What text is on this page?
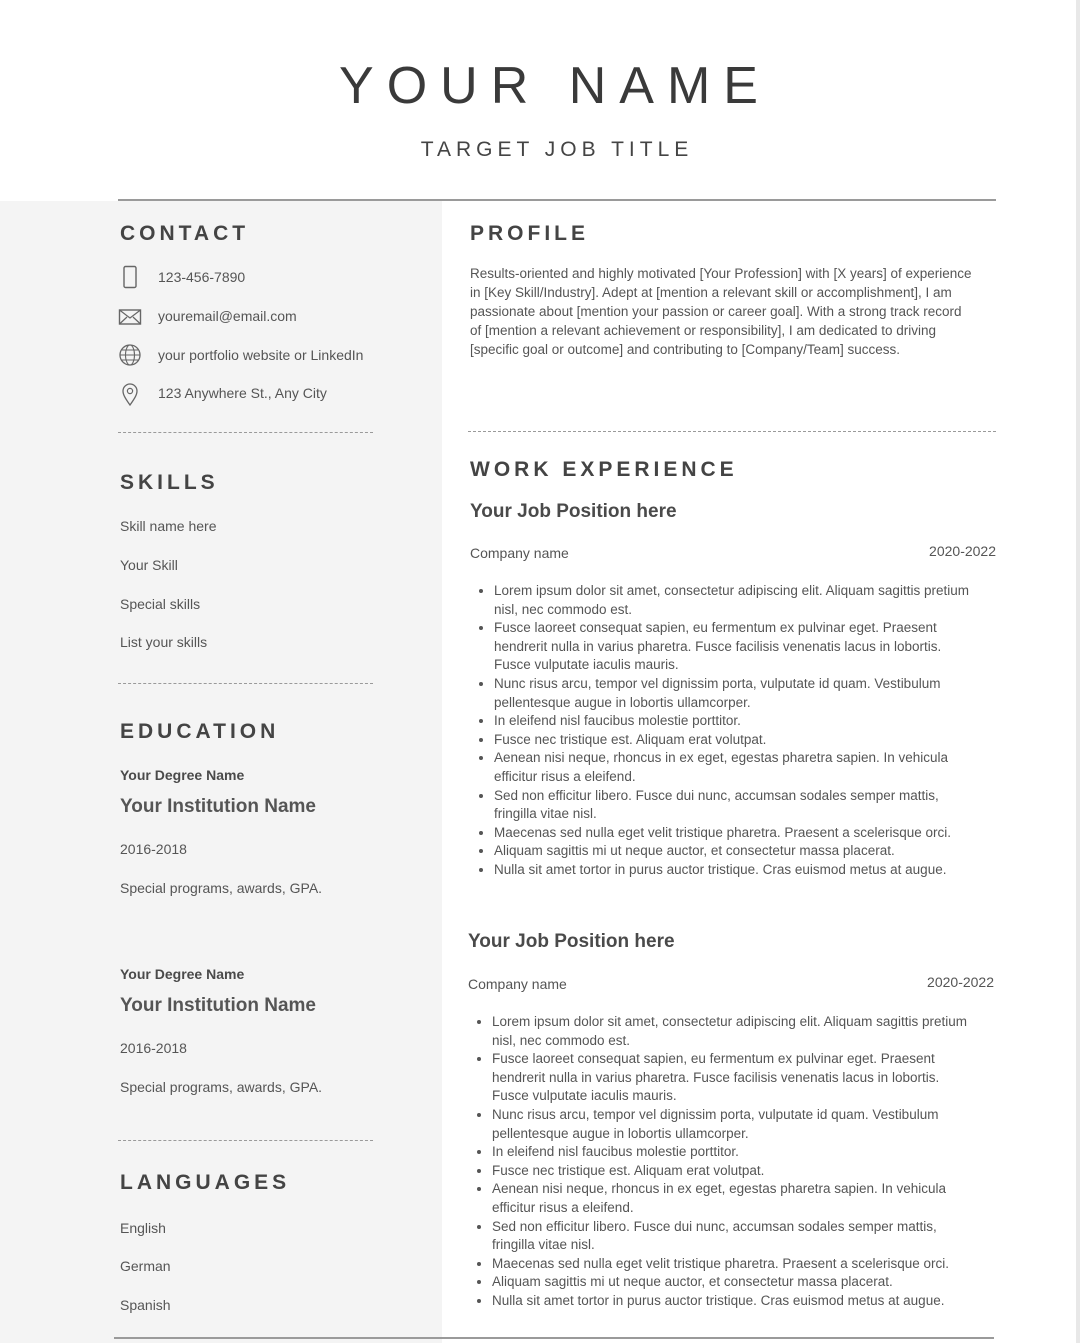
YOUR NAME
TARGET JOB TITLE
CONTACT
123-456-7890
youremail@email.com
your portfolio website or LinkedIn
123 Anywhere St., Any City
SKILLS
Skill name here
Your Skill
Special skills
List your skills
EDUCATION
Your Degree Name
Your Institution Name
2016-2018
Special programs, awards, GPA.
Your Degree Name
Your Institution Name
2016-2018
Special programs, awards, GPA.
LANGUAGES
English
German
Spanish
PROFILE
Results-oriented and highly motivated [Your Profession] with [X years] of experience
in [Key Skill/Industry]. Adept at [mention a relevant skill or accomplishment], I am
passionate about [mention your passion or career goal]. With a strong track record
of [mention a relevant achievement or responsibility], I am dedicated to driving
[specific goal or outcome] and contributing to [Company/Team] success.
WORK EXPERIENCE
Your Job Position here
Company name	2020-2022
• Lorem ipsum dolor sit amet, consectetur adipiscing elit. Aliquam sagittis pretium nisl, nec commodo est.
• Fusce laoreet consequat sapien, eu fermentum ex pulvinar eget. Praesent hendrerit nulla in varius pharetra. Fusce facilisis venenatis lacus in lobortis. Fusce vulputate iaculis mauris.
• Nunc risus arcu, tempor vel dignissim porta, vulputate id quam. Vestibulum pellentesque augue in lobortis ullamcorper.
• In eleifend nisl faucibus molestie porttitor.
• Fusce nec tristique est. Aliquam erat volutpat.
• Aenean nisi neque, rhoncus in ex eget, egestas pharetra sapien. In vehicula efficitur risus a eleifend.
• Sed non efficitur libero. Fusce dui nunc, accumsan sodales semper mattis, fringilla vitae nisl.
• Maecenas sed nulla eget velit tristique pharetra. Praesent a scelerisque orci.
• Aliquam sagittis mi ut neque auctor, et consectetur massa placerat.
• Nulla sit amet tortor in purus auctor tristique. Cras euismod metus at augue.
Your Job Position here
Company name	2020-2022
• Lorem ipsum dolor sit amet, consectetur adipiscing elit. Aliquam sagittis pretium nisl, nec commodo est.
• Fusce laoreet consequat sapien, eu fermentum ex pulvinar eget. Praesent hendrerit nulla in varius pharetra. Fusce facilisis venenatis lacus in lobortis. Fusce vulputate iaculis mauris.
• Nunc risus arcu, tempor vel dignissim porta, vulputate id quam. Vestibulum pellentesque augue in lobortis ullamcorper.
• In eleifend nisl faucibus molestie porttitor.
• Fusce nec tristique est. Aliquam erat volutpat.
• Aenean nisi neque, rhoncus in ex eget, egestas pharetra sapien. In vehicula efficitur risus a eleifend.
• Sed non efficitur libero. Fusce dui nunc, accumsan sodales semper mattis, fringilla vitae nisl.
• Maecenas sed nulla eget velit tristique pharetra. Praesent a scelerisque orci.
• Aliquam sagittis mi ut neque auctor, et consectetur massa placerat.
• Nulla sit amet tortor in purus auctor tristique. Cras euismod metus at augue.
